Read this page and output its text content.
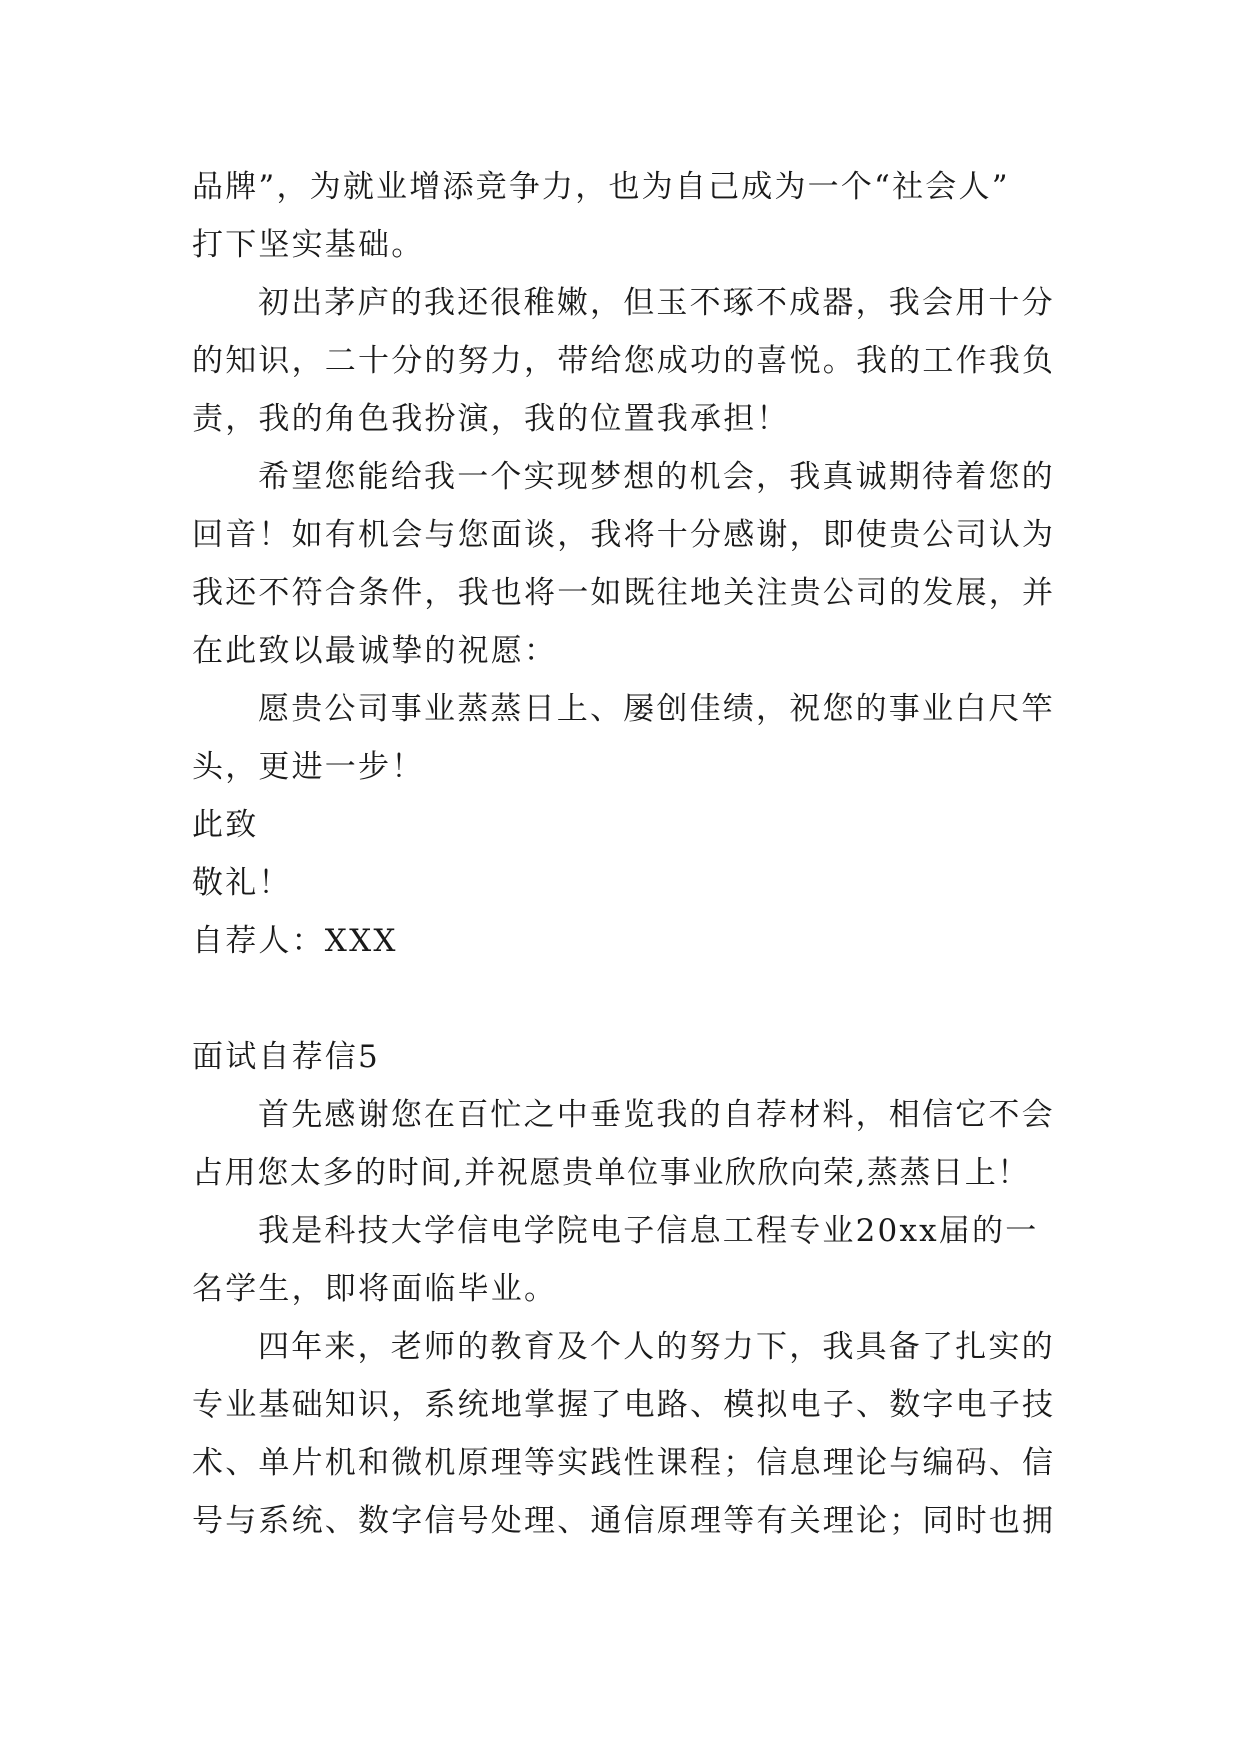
品牌”，为就业增添竞争力，也为自己成为一个“社会人”
打下坚实基础。
初出茅庐的我还很稚嫩，但玉不琢不成器，我会用十分
的知识，二十分的努力，带给您成功的喜悦。我的工作我负
责，我的角色我扮演，我的位置我承担！
希望您能给我一个实现梦想的机会，我真诚期待着您的
回音！如有机会与您面谈，我将十分感谢，即使贵公司认为
我还不符合条件，我也将一如既往地关注贵公司的发展，并
在此致以最诚挚的祝愿：
愿贵公司事业蒸蒸日上、屡创佳绩，祝您的事业白尺竿
头，更进一步！
此致
敬礼！
自荐人：XXX
面试自荐信5
首先感谢您在百忙之中垂览我的自荐材料，相信它不会
占用您太多的时间,并祝愿贵单位事业欣欣向荣,蒸蒸日上！
我是科技大学信电学院电子信息工程专业20xx届的一
名学生，即将面临毕业。
四年来，老师的教育及个人的努力下，我具备了扎实的
专业基础知识，系统地掌握了电路、模拟电子、数字电子技
术、单片机和微机原理等实践性课程；信息理论与编码、信
号与系统、数字信号处理、通信原理等有关理论；同时也拥
